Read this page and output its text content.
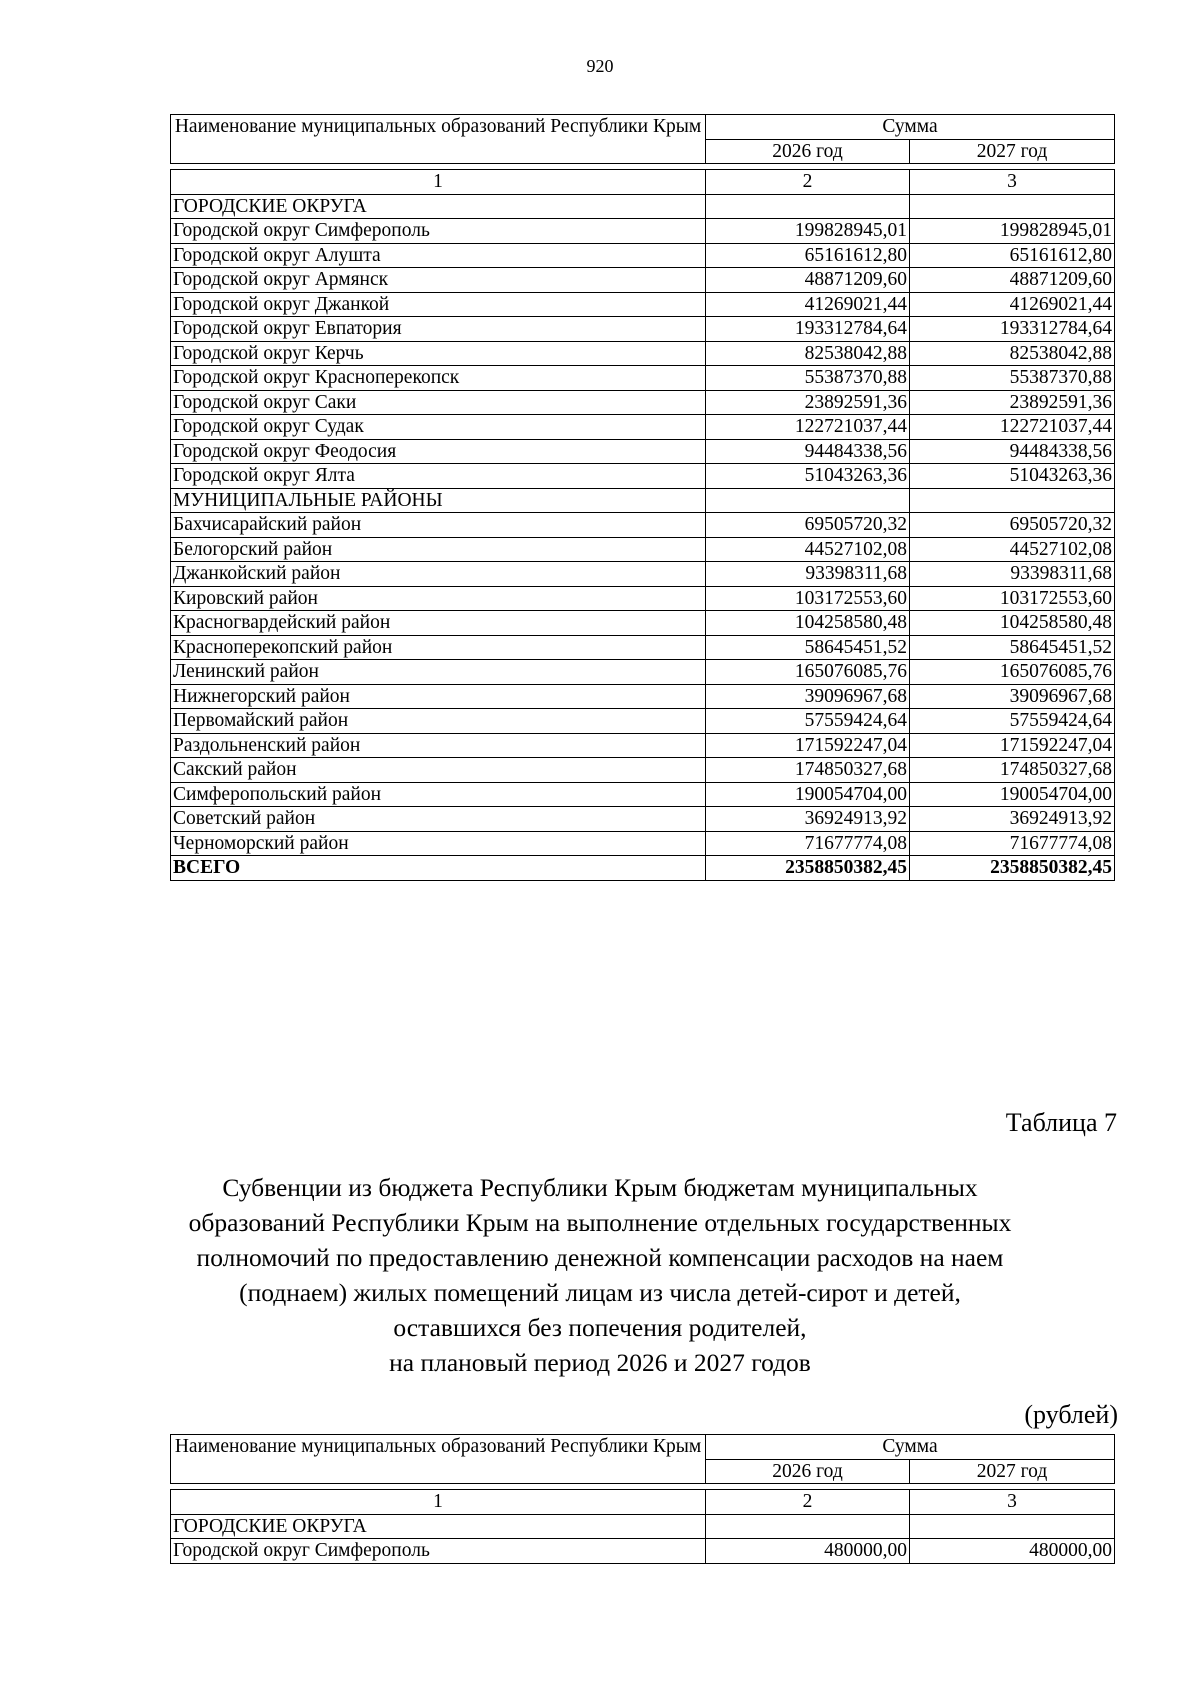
920
Наименование муниципальных образований Республики Крым	Сумма	
	2026 год	2027 год

1	2	3
ГОРОДСКИЕ ОКРУГА		
Городской округ Симферополь	199828945,01	199828945,01
Городской округ Алушта	65161612,80	65161612,80
Городской округ Армянск	48871209,60	48871209,60
Городской округ Джанкой	41269021,44	41269021,44
Городской округ Евпатория	193312784,64	193312784,64
Городской округ Керчь	82538042,88	82538042,88
Городской округ Красноперекопск	55387370,88	55387370,88
Городской округ Саки	23892591,36	23892591,36
Городской округ Судак	122721037,44	122721037,44
Городской округ Феодосия	94484338,56	94484338,56
Городской округ Ялта	51043263,36	51043263,36
МУНИЦИПАЛЬНЫЕ РАЙОНЫ		
Бахчисарайский район	69505720,32	69505720,32
Белогорский район	44527102,08	44527102,08
Джанкойский район	93398311,68	93398311,68
Кировский район	103172553,60	103172553,60
Красногвардейский район	104258580,48	104258580,48
Красноперекопский район	58645451,52	58645451,52
Ленинский район	165076085,76	165076085,76
Нижнегорский район	39096967,68	39096967,68
Первомайский район	57559424,64	57559424,64
Раздольненский район	171592247,04	171592247,04
Сакский район	174850327,68	174850327,68
Симферопольский район	190054704,00	190054704,00
Советский район	36924913,92	36924913,92
Черноморский район	71677774,08	71677774,08
ВСЕГО	2358850382,45	2358850382,45
Таблица 7
Субвенции из бюджета Республики Крым бюджетам муниципальных
образований Республики Крым на выполнение отдельных государственных
полномочий по предоставлению денежной компенсации расходов на наем
(поднаем) жилых помещений лицам из числа детей-сирот и детей,
оставшихся без попечения родителей,
на плановый период 2026 и 2027 годов
(рублей)
Наименование муниципальных образований Республики Крым	Сумма	
	2026 год	2027 год

1	2	3
ГОРОДСКИЕ ОКРУГА		
Городской округ Симферополь	480000,00	480000,00
